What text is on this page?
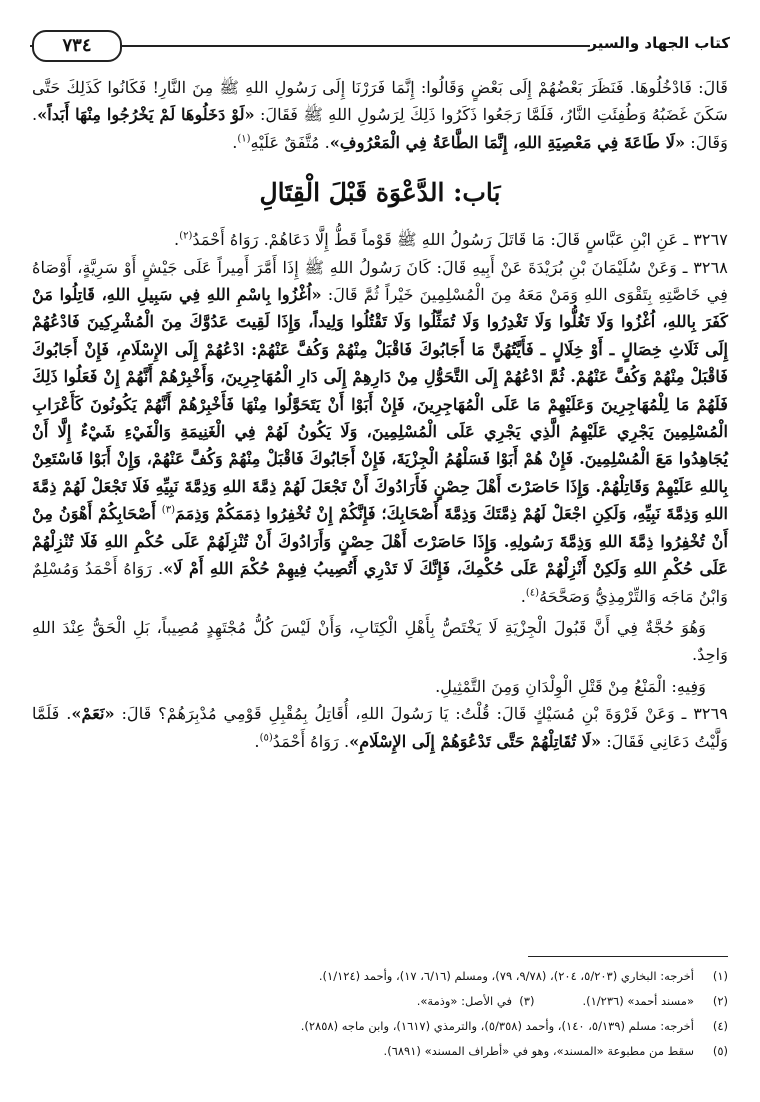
كتاب الجهاد والسير
٧٣٤

قَالَ: فَادْخُلُوهَا. فَنَظَرَ بَعْضُهُمْ إِلَى بَعْضٍ وَقَالُوا: إِنَّمَا فَرَرْنَا إِلَى رَسُولِ اللهِ ﷺ مِنَ النَّارِ! فَكَانُوا كَذَلِكَ حَتَّى سَكَنَ غَضَبُهُ وَطُفِئَتِ النَّارُ، فَلَمَّا رَجَعُوا ذَكَرُوا ذَلِكَ لِرَسُولِ اللهِ ﷺ فَقَالَ: «لَوْ دَخَلُوهَا لَمْ يَخْرُجُوا مِنْهَا أَبَداً». وَقَالَ: «لَا طَاعَةَ فِي مَعْصِيَةِ اللهِ، إِنَّمَا الطَّاعَةُ فِي الْمَعْرُوفِ». مُتَّفَقٌ عَلَيْهِ$^{(١)}$.

بَاب: الدَّعْوَة قَبْلَ الْقِتَالِ

٣٢٦٧ ـ عَنِ ابْنِ عَبَّاسٍ قَالَ: مَا قَاتَلَ رَسُولُ اللهِ ﷺ قَوْماً قَطُّ إِلَّا دَعَاهُمْ. رَوَاهُ أَحْمَدُ$^{(٢)}$.

٣٢٦٨ ـ وَعَنْ سُلَيْمَانَ بْنِ بُرَيْدَةَ عَنْ أَبِيهِ قَالَ: كَانَ رَسُولُ اللهِ ﷺ إِذَا أَمَّرَ أَمِيراً عَلَى جَيْشٍ أَوْ سَرِيَّةٍ، أَوْصَاهُ فِي خَاصَّتِهِ بِتَقْوَى اللهِ وَمَنْ مَعَهُ مِنَ الْمُسْلِمِينَ خَيْراً ثُمَّ قَالَ: «اُغْزُوا بِاسْمِ اللهِ فِي سَبِيلِ اللهِ، قَاتِلُوا مَنْ كَفَرَ بِاللهِ، اُغْزُوا وَلَا تَغُلُّوا وَلَا تَغْدِرُوا وَلَا تُمَثِّلُوا وَلَا تَقْتُلُوا وَلِيداً، وَإِذَا لَقِيتَ عَدُوَّكَ مِنَ الْمُشْرِكِينَ فَادْعُهُمْ إِلَى ثَلَاثِ خِصَالٍ ـ أَوْ خِلَالٍ ـ فَأَيَّتُهُنَّ مَا أَجَابُوكَ فَاقْبَلْ مِنْهُمْ وَكُفَّ عَنْهُمْ: ادْعُهُمْ إِلَى الإِسْلَامِ، فَإِنْ أَجَابُوكَ فَاقْبَلْ مِنْهُمْ وَكُفَّ عَنْهُمْ. ثُمَّ ادْعُهُمْ إِلَى التَّحَوُّلِ مِنْ دَارِهِمْ إِلَى دَارِ الْمُهَاجِرِينَ، وَأَخْبِرْهُمْ أَنَّهُمْ إِنْ فَعَلُوا ذَلِكَ فَلَهُمْ مَا لِلْمُهَاجِرِينَ وَعَلَيْهِمْ مَا عَلَى الْمُهَاجِرِينَ، فَإِنْ أَبَوْا أَنْ يَتَحَوَّلُوا مِنْهَا فَأَخْبِرْهُمْ أَنَّهُمْ يَكُونُونَ كَأَعْرَابِ الْمُسْلِمِينَ يَجْرِي عَلَيْهِمُ الَّذِي يَجْرِي عَلَى الْمُسْلِمِينَ، وَلَا يَكُونُ لَهُمْ فِي الْغَنِيمَةِ وَالْفَيْءِ شَيْءٌ إِلَّا أَنْ يُجَاهِدُوا مَعَ الْمُسْلِمِينَ. فَإِنْ هُمْ أَبَوْا فَسَلْهُمُ الْجِزْيَةَ، فَإِنْ أَجَابُوكَ فَاقْبَلْ مِنْهُمْ وَكُفَّ عَنْهُمْ، وَإِنْ أَبَوْا فَاسْتَعِنْ بِاللهِ عَلَيْهِمْ وَقَاتِلْهُمْ. وَإِذَا حَاصَرْتَ أَهْلَ حِصْنٍ فَأَرَادُوكَ أَنْ تَجْعَلَ لَهُمْ ذِمَّةَ اللهِ وَذِمَّةَ نَبِيِّهِ فَلَا تَجْعَلْ لَهُمْ ذِمَّةَ اللهِ وَذِمَّةَ نَبِيِّهِ، وَلَكِنِ اجْعَلْ لَهُمْ ذِمَّتَكَ وَذِمَّةَ أَصْحَابِكَ؛ فَإِنَّكُمْ إِنْ تُخْفِرُوا ذِمَمَكُمْ وَذِمَمَ$^{(٣)}$ أَصْحَابِكُمْ أَهْوَنُ مِنْ أَنْ تُخْفِرُوا ذِمَّةَ اللهِ وَذِمَّةَ رَسُولِهِ. وَإِذَا حَاصَرْتَ أَهْلَ حِصْنٍ وَأَرَادُوكَ أَنْ تُنْزِلَهُمْ عَلَى حُكْمِ اللهِ فَلَا تُنْزِلْهُمْ عَلَى حُكْمِ اللهِ وَلَكِنْ أَنْزِلْهُمْ عَلَى حُكْمِكَ، فَإِنَّكَ لَا تَدْرِي أَتُصِيبُ فِيهِمْ حُكْمَ اللهِ أَمْ لَا». رَوَاهُ أَحْمَدُ وَمُسْلِمٌ وَابْنُ مَاجَه وَالتِّرْمِذِيُّ وَصَحَّحَهُ$^{(٤)}$.

وَهُوَ حُجَّةٌ فِي أَنَّ قَبُولَ الْجِزْيَةِ لَا يَخْتَصُّ بِأَهْلِ الْكِتَابِ، وَأَنْ لَيْسَ كُلُّ مُجْتَهِدٍ مُصِيباً، بَلِ الْحَقُّ عِنْدَ اللهِ وَاحِدٌ.

وَفِيهِ: الْمَنْعُ مِنْ قَتْلِ الْوِلْدَانِ وَمِنَ التَّمْثِيلِ.

٣٢٦٩ ـ وَعَنْ فَرْوَةَ بْنِ مُسَيْكٍ قَالَ: قُلْتُ: يَا رَسُولَ اللهِ، أُقَاتِلُ بِمُقْبِلِ قَوْمِي مُدْبِرَهُمْ؟ قَالَ: «نَعَمْ». فَلَمَّا وَلَّيْتُ دَعَانِي فَقَالَ: «لَا تُقَاتِلْهُمْ حَتَّى تَدْعُوَهُمْ إِلَى الإِسْلَامِ». رَوَاهُ أَحْمَدُ$^{(٥)}$.

(١)أخرجه: البخاري (٥/٢٠٣، ٢٠٤)، (٩/٧٨، ٧٩)، ومسلم (٦/١٦، ١٧)، وأحمد (١/١٢٤).
(٢)«مسند أحمد» (١/٢٣٦).(٣)  في الأصل: «وذمة».
(٤)أخرجه: مسلم (٥/١٣٩، ١٤٠)، وأحمد (٥/٣٥٨)، والترمذي (١٦١٧)، وابن ماجه (٢٨٥٨).
(٥)سقط من مطبوعة «المسند»، وهو في «أطراف المسند» (٦٨٩١).
